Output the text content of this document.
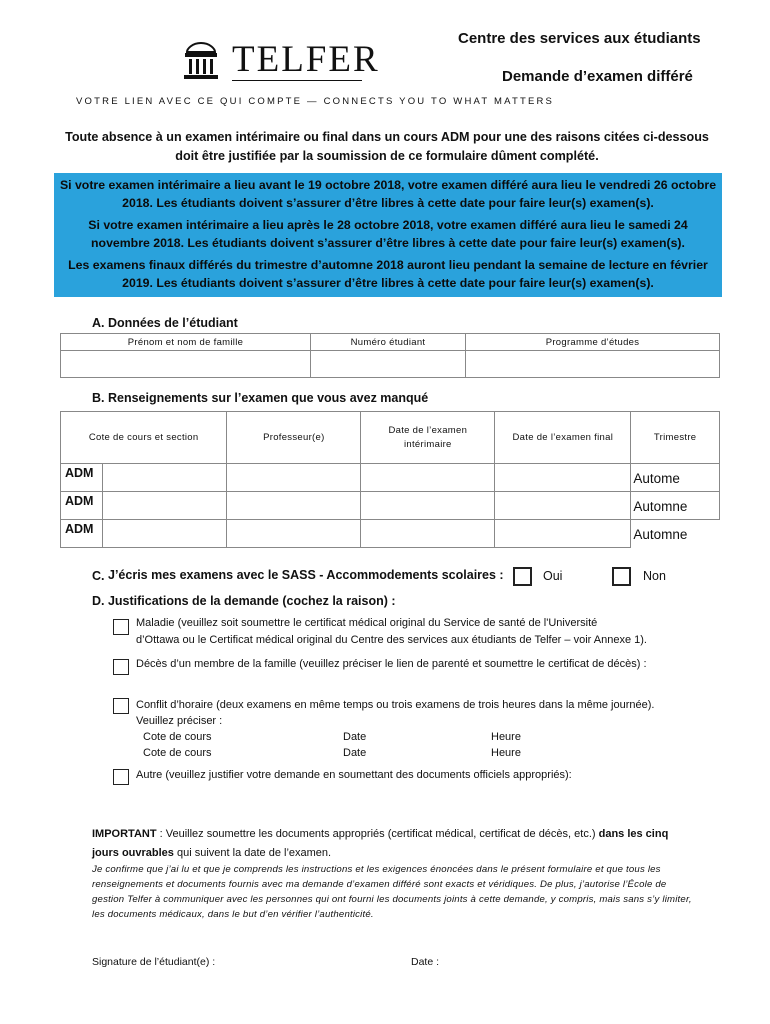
TELFER
VOTRE LIEN AVEC CE QUI COMPTE — CONNECTS YOU TO WHAT MATTERS
Centre des services aux étudiants
Demande d’examen différé
Toute absence à un examen intérimaire ou final dans un cours ADM pour une des raisons citées ci-dessous doit être justifiée par la soumission de ce formulaire dûment complété.

Si votre examen intérimaire a lieu avant le 19 octobre 2018, votre examen différé aura lieu le vendredi 26 octobre 2018. Les étudiants doivent s’assurer d’être libres à cette date pour faire leur(s) examen(s).

Si votre examen intérimaire a lieu après le 28 octobre 2018, votre examen différé aura lieu le samedi 24 novembre 2018. Les étudiants doivent s’assurer d’être libres à cette date pour faire leur(s) examen(s).

Les examens finaux différés du trimestre d’automne 2018 auront lieu pendant la semaine de lecture en février 2019. Les étudiants doivent s’assurer d’être libres à cette date pour faire leur(s) examen(s).

A. Données de l’étudiant
Prénom et nom de famille	Numéro étudiant	Programme d’études

B. Renseignements sur l’examen que vous avez manqué
Cote de cours et section		Professeur(e)	Date de l’examen intérimaire	Date de l’examen final	Trimestre
ADM					Autome
ADM					Automne
ADM					Automne
C. J’écris mes examens avec le SASS - Accommodements scolaires :	Oui	Non
D. Justifications de la demande (cochez la raison) :
Maladie (veuillez soit soumettre le certificat médical original du Service de santé de l'Université
d’Ottawa ou le Certificat médical original du Centre des services aux étudiants de Telfer – voir Annexe 1).
Décès d’un membre de la famille (veuillez préciser le lien de parenté et soumettre le certificat de décès) :
Conflit d’horaire (deux examens en même temps ou trois examens de trois heures dans la même journée).
Veuillez préciser :
Cote de cours	Date	Heure
Cote de cours	Date	Heure
Autre (veuillez justifier votre demande en soumettant des documents officiels appropriés):
IMPORTANT : Veuillez soumettre les documents appropriés (certificat médical, certificat de décès, etc.) dans les cinq jours ouvrables qui suivent la date de l’examen.
Je confirme que j’ai lu et que je comprends les instructions et les exigences énoncées dans le présent formulaire et que tous les renseignements et documents fournis avec ma demande d’examen différé sont exacts et véridiques. De plus, j’autorise l’École de gestion Telfer à communiquer avec les personnes qui ont fourni les documents joints à cette demande, y compris, mais sans s’y limiter, les documents médicaux, dans le but d’en vérifier l’authenticité.
Signature de l’étudiant(e) :	Date :
